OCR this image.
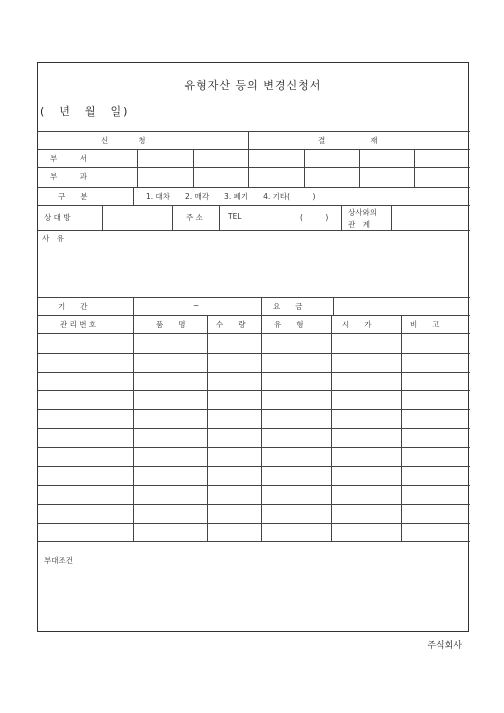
유형자산 등의 변경신청서
(　년　월　일)
신　　　　청	결　　　　　　재
부　　　서
부　　　과
구　　분	1. 대차　　2. 매각　　3. 폐기　　4. 기타(　　　)
상 대 방	주 소	TEL	(　　　)
상사와의
관　계
사　유
기　　간	~	요　　금
관 리 번 호	품　　명	수　　량	유　　형	시　　가	비　　고
부대조건
주식회사
